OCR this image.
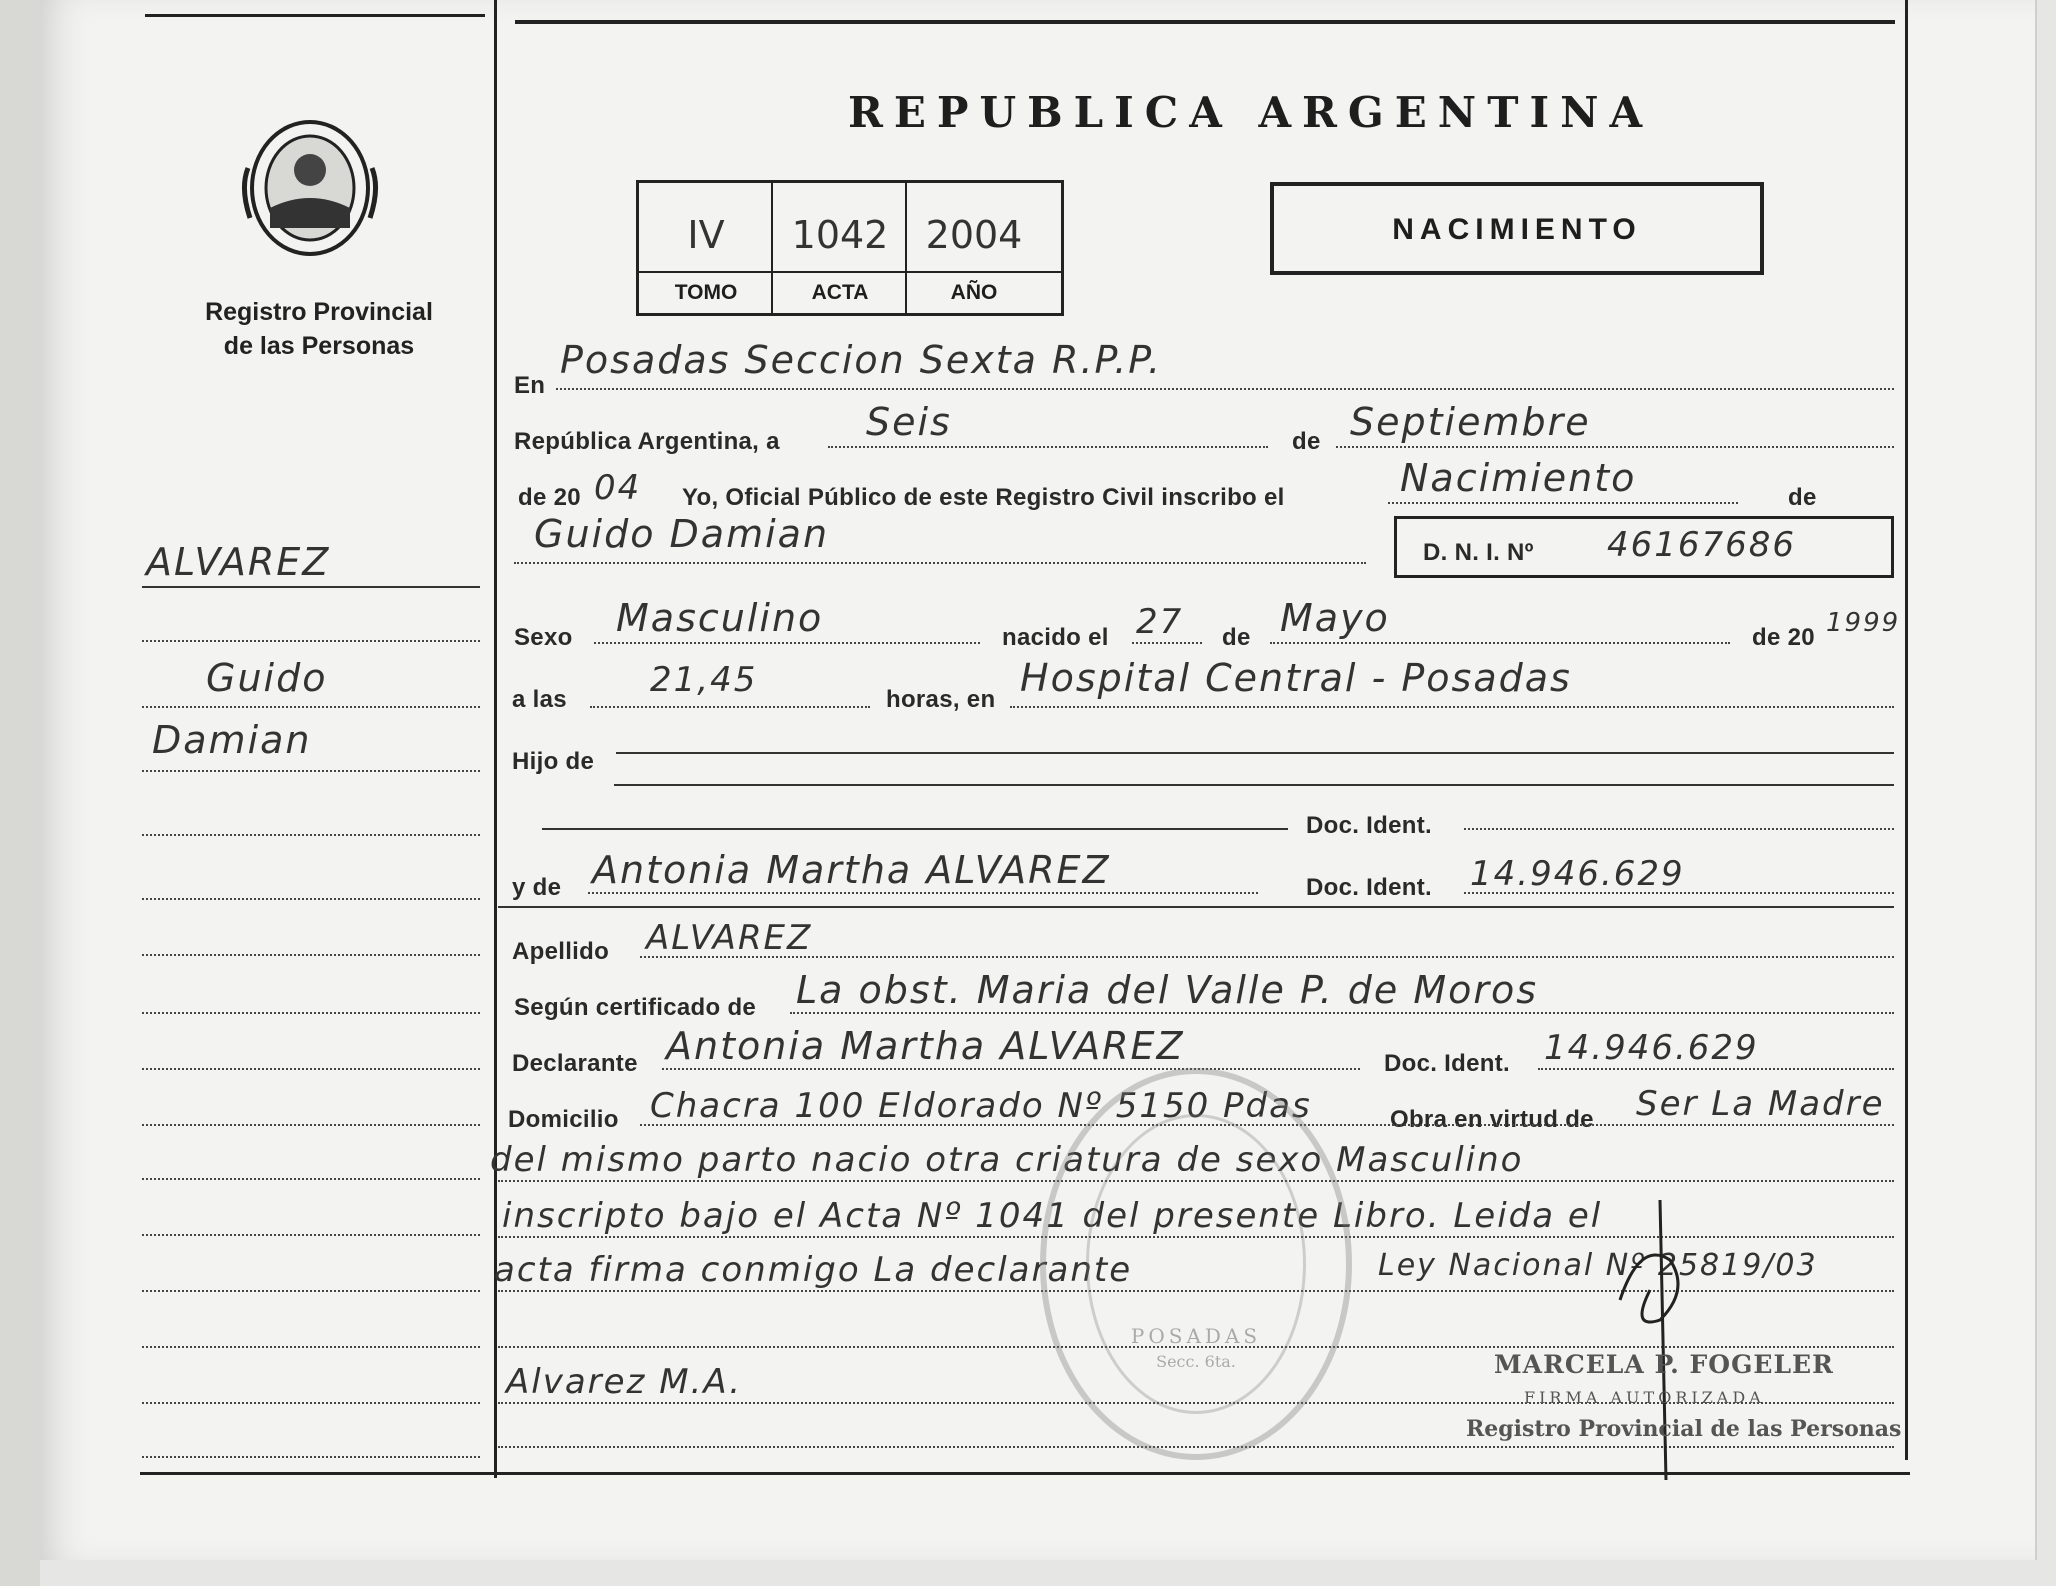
Registro Provincial
de las Personas
REPUBLICA ARGENTINA
IV	1042 2004
TOMO	ACTA	AÑO
NACIMIENTO
ALVAREZ
Guido
Damian
En
Posadas Seccion Sexta R.P.P.
República Argentina, a Seis	de Septiembre
de 20 04 Yo, Oficial Público de este Registro Civil inscribo el	Nacimiento	de
Guido Damian	D. N. I. Nº 46167686
Sexo Masculino	nacido el 27 de Mayo	de 20 1999
a las 21,45	horas, en Hospital Central - Posadas
Hijo de
Doc. Ident.
y de Antonia Martha ALVAREZ	Doc. Ident. 14.946.629
Apellido ALVAREZ
Según certificado de La obst. Maria del Valle P. de Moros
Declarante Antonia Martha ALVAREZ	Doc. Ident. 14.946.629
Domicilio Chacra 100 Eldorado Nº 5150 Pdas	Obra en virtud de Ser La Madre
del mismo parto nacio otra criatura de sexo Masculino
inscripto bajo el Acta Nº 1041 del presente Libro. Leida el
acta firma conmigo La declarante	Ley Nacional Nº 25819/03
Alvarez M.A.
POSADAS
Secc. 6ta.	MARCELA P. FOGELER
FIRMA AUTORIZADA
Registro Provincial de las Personas
